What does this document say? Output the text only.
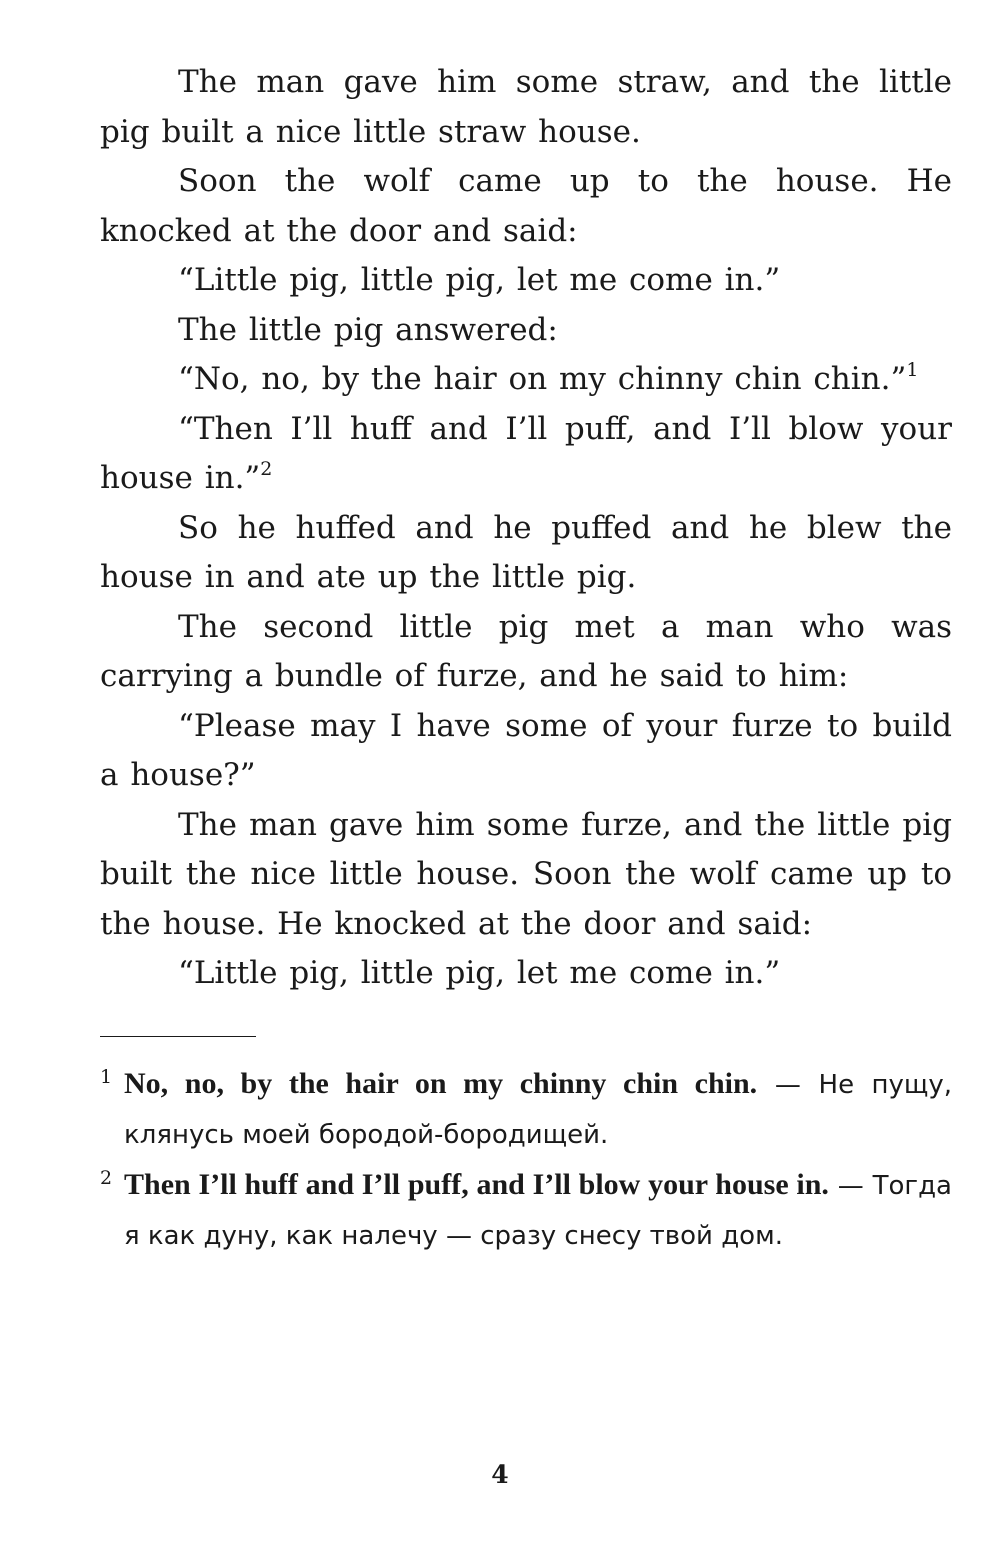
The man gave him some straw, and the little pig built a nice little straw house.

Soon the wolf came up to the house. He knocked at the door and said:

“Little pig, little pig, let me come in.”

The little pig answered:

“No, no, by the hair on my chinny chin chin.”$^1$

“Then I’ll huff and I’ll puff, and I’ll blow your house in.”$^2$

So he huffed and he puffed and he blew the house in and ate up the little pig.

The second little pig met a man who was carrying a bundle of furze, and he said to him:

“Please may I have some of your furze to build a house?”

The man gave him some furze, and the little pig built the nice little house. Soon the wolf came up to the house. He knocked at the door and said:

“Little pig, little pig, let me come in.”

1 No, no, by the hair on my chinny chin chin. — Не пущу, клянусь моей бородой-бородищей.
2 Then I’ll huff and I’ll puff, and I’ll blow your house in. — Тогда я как дуну, как налечу — сразу снесу твой дом.
4
